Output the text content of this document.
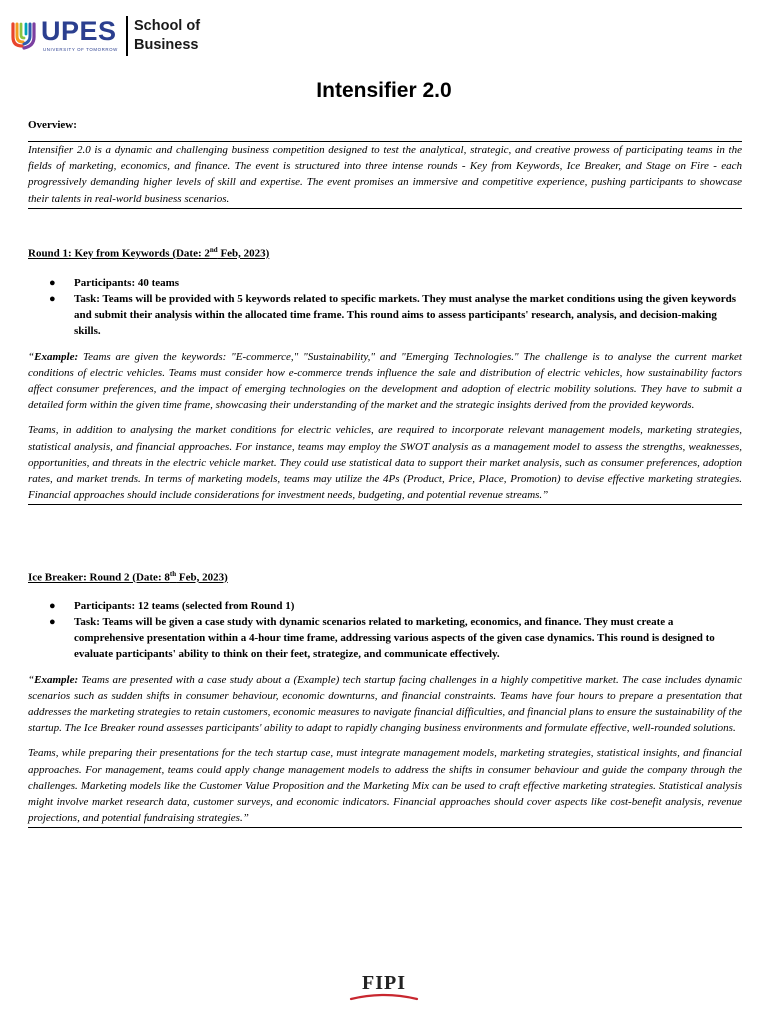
UPES
UNIVERSITY OF TOMORROW
School of
Business
Intensifier 2.0
Overview:
Intensifier 2.0 is a dynamic and challenging business competition designed to test the analytical, strategic, and creative prowess of participating teams in the fields of marketing, economics, and finance. The event is structured into three intense rounds - Key from Keywords, Ice Breaker, and Stage on Fire - each progressively demanding higher levels of skill and expertise. The event promises an immersive and competitive experience, pushing participants to showcase their talents in real-world business scenarios.
Round 1: Key from Keywords (Date: 2nd Feb, 2023)
● Participants: 40 teams
● Task: Teams will be provided with 5 keywords related to specific markets. They must analyse the market conditions using the given keywords and submit their analysis within the allocated time frame. This round aims to assess participants' research, analysis, and decision-making skills.
“Example: Teams are given the keywords: "E-commerce," "Sustainability," and "Emerging Technologies." The challenge is to analyse the current market conditions of electric vehicles. Teams must consider how e-commerce trends influence the sale and distribution of electric vehicles, how sustainability factors affect consumer preferences, and the impact of emerging technologies on the development and adoption of electric mobility solutions. They have to submit a detailed form within the given time frame, showcasing their understanding of the market and the strategic insights derived from the provided keywords.
Teams, in addition to analysing the market conditions for electric vehicles, are required to incorporate relevant management models, marketing strategies, statistical analysis, and financial approaches. For instance, teams may employ the SWOT analysis as a management model to assess the strengths, weaknesses, opportunities, and threats in the electric vehicle market. They could use statistical data to support their market analysis, such as consumer preferences, adoption rates, and market trends. In terms of marketing models, teams may utilize the 4Ps (Product, Price, Place, Promotion) to devise effective marketing strategies. Financial approaches should include considerations for investment needs, budgeting, and potential revenue streams.”
Ice Breaker: Round 2 (Date: 8th Feb, 2023)
● Participants: 12 teams (selected from Round 1)
● Task: Teams will be given a case study with dynamic scenarios related to marketing, economics, and finance. They must create a comprehensive presentation within a 4-hour time frame, addressing various aspects of the given case dynamics. This round is designed to evaluate participants' ability to think on their feet, strategize, and communicate effectively.
“Example: Teams are presented with a case study about a (Example) tech startup facing challenges in a highly competitive market. The case includes dynamic scenarios such as sudden shifts in consumer behaviour, economic downturns, and financial constraints. Teams have four hours to prepare a presentation that addresses the marketing strategies to retain customers, economic measures to navigate financial difficulties, and financial plans to ensure the sustainability of the startup. The Ice Breaker round assesses participants' ability to adapt to rapidly changing business environments and formulate effective, well-rounded solutions.
Teams, while preparing their presentations for the tech startup case, must integrate management models, marketing strategies, statistical insights, and financial approaches. For management, teams could apply change management models to address the shifts in consumer behaviour and guide the company through the challenges. Marketing models like the Customer Value Proposition and the Marketing Mix can be used to craft effective marketing strategies. Statistical analysis might involve market research data, customer surveys, and economic indicators. Financial approaches should cover aspects like cost-benefit analysis, revenue projections, and potential fundraising strategies.”
FIPI
